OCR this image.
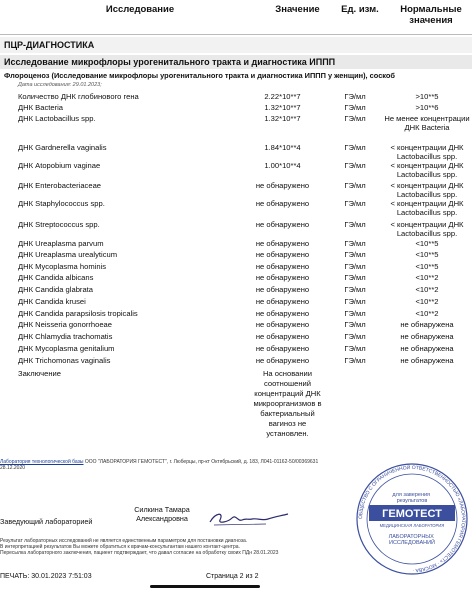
Исследование	Значение	Ед. изм.	Нормальные значения
ПЦР-ДИАГНОСТИКА
Исследование микрофлоры урогенитального тракта и диагностика ИППП
Флороценоз (Исследование микрофлоры урогенитального тракта и диагностика ИППП у женщин), соскоб
Дата исследования: 29.01.2023;
Количество ДНК глобинового гена	2.22*10**7	ГЭ/мл	>10**5
ДНК Bacteria	1.32*10**7	ГЭ/мл	>10**6
ДНК Lactobacillus spp.	1.32*10**7	ГЭ/мл	Не менее концентрации ДНК Bacteria
ДНК Gardnerella vaginalis	1.84*10**4	ГЭ/мл	< концентрации ДНК Lactobacillus spp.
ДНК Atopobium vaginae	1.00*10**4	ГЭ/мл	< концентрации ДНК Lactobacillus spp.
ДНК Enterobacteriaceae	не обнаружено	ГЭ/мл	< концентрации ДНК Lactobacillus spp.
ДНК Staphylococcus spp.	не обнаружено	ГЭ/мл	< концентрации ДНК Lactobacillus spp.
ДНК Streptococcus spp.	не обнаружено	ГЭ/мл	< концентрации ДНК Lactobacillus spp.
ДНК Ureaplasma parvum	не обнаружено	ГЭ/мл	<10**5
ДНК Ureaplasma urealyticum	не обнаружено	ГЭ/мл	<10**5
ДНК Mycoplasma hominis	не обнаружено	ГЭ/мл	<10**5
ДНК Candida albicans	не обнаружено	ГЭ/мл	<10**2
ДНК Candida glabrata	не обнаружено	ГЭ/мл	<10**2
ДНК Candida krusei	не обнаружено	ГЭ/мл	<10**2
ДНК Candida parapsilosis tropicalis	не обнаружено	ГЭ/мл	<10**2
ДНК Neisseria gonorrhoeae	не обнаружено	ГЭ/мл	не обнаружена
ДНК Chlamydia trachomatis	не обнаружено	ГЭ/мл	не обнаружена
ДНК Mycoplasma genitalium	не обнаружено	ГЭ/мл	не обнаружена
ДНК Trichomonas vaginalis	не обнаружено	ГЭ/мл	не обнаружена
Заключение	На основании соотношений концентраций ДНК микроорганизмов в бактериальный вагиноз не установлен.
Лаборатория технологической базы ООО "ЛАБОРАТОРИЯ ГЕМОТЕСТ", г. Люберцы, пр-кт Октябрьский, д. 183, Л041-01162-50/00369631
28.12.2020
Заведующий лабораторией
Силкина Тамара
Александровна
Результат лабораторных исследований не является единственным параметром для постановки диагноза.
В интерпретацией результатов Вы можете обратиться к врачам-консультантам нашего контакт-центра.
Пересылка лабораторного заключения, пациент подтверждает, что давал согласие на обработку своих ПДн 28.01.2023
ПЕЧАТЬ: 30.01.2023 7:51:03	Страница 2 из 2
ОБЩЕСТВО С ОГРАНИЧЕННОЙ ОТВЕТСТВЕННОСТЬЮ «ЛАБОРАТОРИЯ ГЕМОТЕСТ» · МОСКВА ·
для заверения результатов
ГЕМОТЕСТ
МЕДИЦИНСКАЯ ЛАБОРАТОРИЯ
ЛАБОРАТОРНЫХ ИССЛЕДОВАНИЙ
